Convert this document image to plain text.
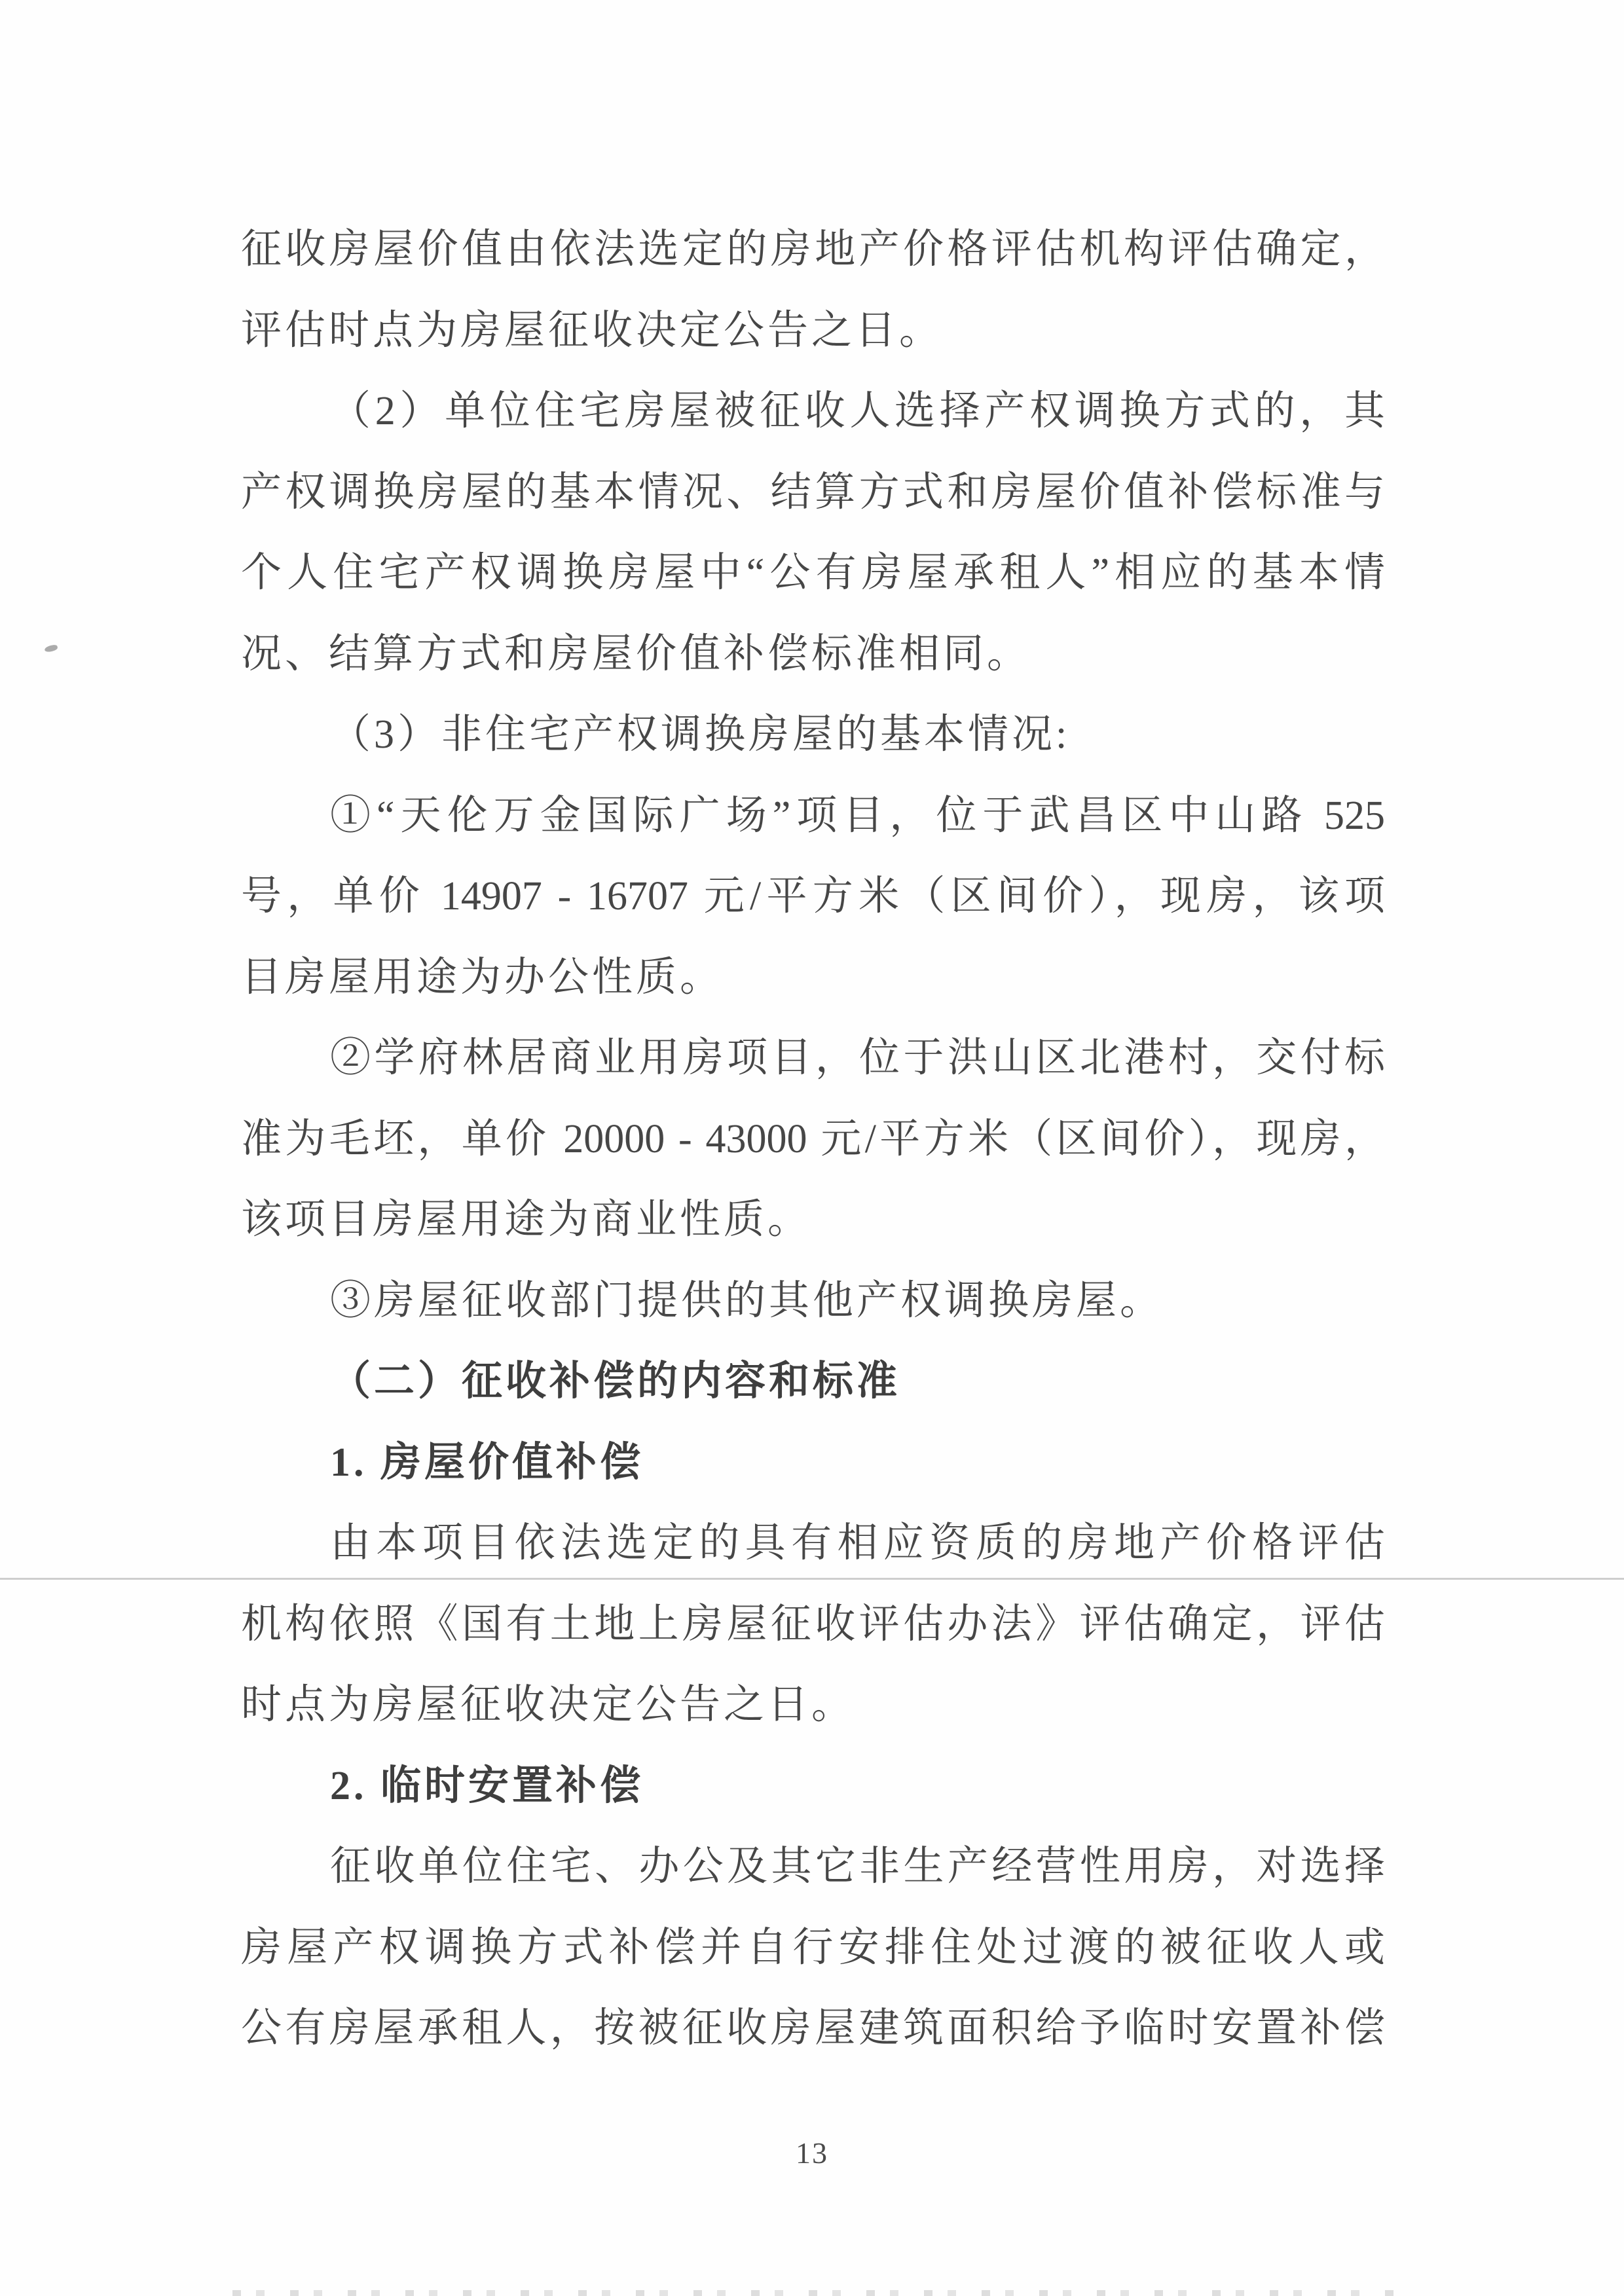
征收房屋价值由依法选定的房地产价格评估机构评估确定，
评估时点为房屋征收决定公告之日。
（2）单位住宅房屋被征收人选择产权调换方式的，其
产权调换房屋的基本情况、结算方式和房屋价值补偿标准与
个人住宅产权调换房屋中“公有房屋承租人”相应的基本情
况、结算方式和房屋价值补偿标准相同。
（3）非住宅产权调换房屋的基本情况:
①“天伦万金国际广场”项目，位于武昌区中山路 525
号，单价 14907 - 16707 元/平方米（区间价），现房，该项
目房屋用途为办公性质。
②学府林居商业用房项目，位于洪山区北港村，交付标
准为毛坯，单价 20000 - 43000 元/平方米（区间价），现房，
该项目房屋用途为商业性质。
③房屋征收部门提供的其他产权调换房屋。
（二）征收补偿的内容和标准
1. 房屋价值补偿
由本项目依法选定的具有相应资质的房地产价格评估
机构依照《国有土地上房屋征收评估办法》评估确定，评估
时点为房屋征收决定公告之日。
2. 临时安置补偿
征收单位住宅、办公及其它非生产经营性用房，对选择
房屋产权调换方式补偿并自行安排住处过渡的被征收人或
公有房屋承租人，按被征收房屋建筑面积给予临时安置补偿
13
